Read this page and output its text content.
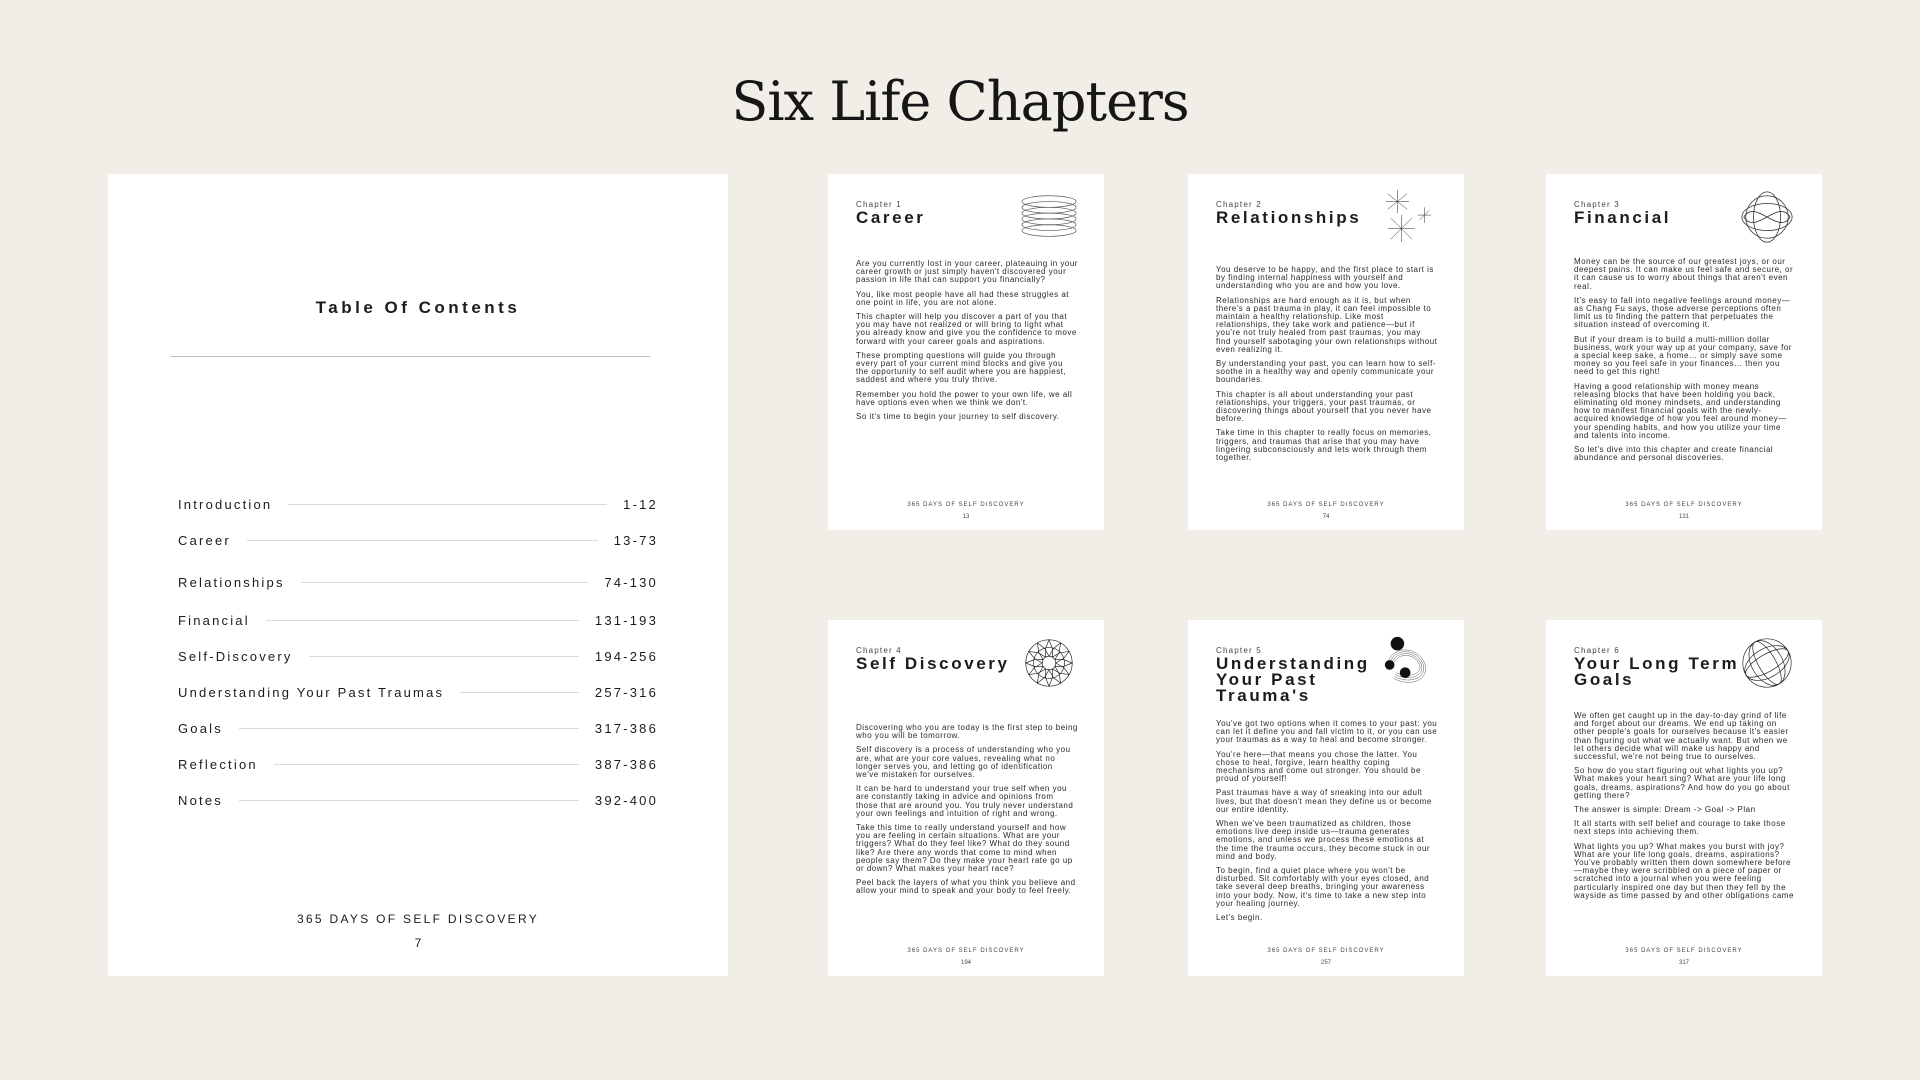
Six Life Chapters
Table Of Contents
Introduction	1-12
Career	13-73
Relationships	74-130
Financial	131-193
Self-Discovery	194-256
Understanding Your Past Traumas	257-316
Goals	317-386
Reflection	387-386
Notes	392-400
365 DAYS OF SELF DISCOVERY
7
Chapter 1
Career

Are you currently lost in your career, plateauing in your career growth or just simply haven't discovered your passion in life that can support you financially?

You, like most people have all had these struggles at one point in life, you are not alone.

This chapter will help you discover a part of you that you may have not realized or will bring to light what you already know and give you the confidence to move forward with your career goals and aspirations.

These prompting questions will guide you through every part of your current mind blocks and give you the opportunity to self audit where you are happiest, saddest and where you truly thrive.

Remember you hold the power to your own life, we all have options even when we think we don't.

So it's time to begin your journey to self discovery.

365 DAYS OF SELF DISCOVERY
13
Chapter 2
Relationships

You deserve to be happy, and the first place to start is by finding internal happiness with yourself and understanding who you are and how you love.

Relationships are hard enough as it is, but when there's a past trauma in play, it can feel impossible to maintain a healthy relationship. Like most relationships, they take work and patience—but if you're not truly healed from past traumas, you may find yourself sabotaging your own relationships without even realizing it.

By understanding your past, you can learn how to self-soothe in a healthy way and openly communicate your boundaries.

This chapter is all about understanding your past relationships, your triggers, your past traumas, or discovering things about yourself that you never have before.

Take time in this chapter to really focus on memories, triggers, and traumas that arise that you may have lingering subconsciously and lets work through them together.

365 DAYS OF SELF DISCOVERY
74
Chapter 3
Financial

Money can be the source of our greatest joys, or our deepest pains. It can make us feel safe and secure, or it can cause us to worry about things that aren't even real.

It's easy to fall into negative feelings around money—as Chang Fu says, those adverse perceptions often limit us to finding the pattern that perpetuates the situation instead of overcoming it.

But if your dream is to build a multi-million dollar business, work your way up at your company, save for a special keep sake, a home… or simply save some money so you feel safe in your finances… then you need to get this right!

Having a good relationship with money means releasing blocks that have been holding you back, eliminating old money mindsets, and understanding how to manifest financial goals with the newly-acquired knowledge of how you feel around money—your spending habits, and how you utilize your time and talents into income.

So let's dive into this chapter and create financial abundance and personal discoveries.

365 DAYS OF SELF DISCOVERY
131
Chapter 4
Self Discovery

Discovering who you are today is the first step to being who you will be tomorrow.

Self discovery is a process of understanding who you are, what are your core values, revealing what no longer serves you, and letting go of identification we've mistaken for ourselves.

It can be hard to understand your true self when you are constantly taking in advice and opinions from those that are around you. You truly never understand your own feelings and intuition of right and wrong.

Take this time to really understand yourself and how you are feeling in certain situations. What are your triggers? What do they feel like? What do they sound like? Are there any words that come to mind when people say them? Do they make your heart rate go up or down? What makes your heart race?

Peel back the layers of what you think you believe and allow your mind to speak and your body to feel freely.

365 DAYS OF SELF DISCOVERY
194
Chapter 5
Understanding Your Past Trauma's

You've got two options when it comes to your past: you can let it define you and fall victim to it, or you can use your traumas as a way to heal and become stronger.

You're here—that means you chose the latter. You chose to heal, forgive, learn healthy coping mechanisms and come out stronger. You should be proud of yourself!

Past traumas have a way of sneaking into our adult lives, but that doesn't mean they define us or become our entire identity.

When we've been traumatized as children, those emotions live deep inside us—trauma generates emotions, and unless we process these emotions at the time the trauma occurs, they become stuck in our mind and body.

To begin, find a quiet place where you won't be disturbed. Sit comfortably with your eyes closed, and take several deep breaths, bringing your awareness into your body. Now, it's time to take a new step into your healing journey.

Let's begin.

365 DAYS OF SELF DISCOVERY
257
Chapter 6
Your Long Term Goals

We often get caught up in the day-to-day grind of life and forget about our dreams. We end up taking on other people's goals for ourselves because it's easier than figuring out what we actually want. But when we let others decide what will make us happy and successful, we're not being true to ourselves.

So how do you start figuring out what lights you up? What makes your heart sing? What are your life long goals, dreams, aspirations? And how do you go about getting there?

The answer is simple: Dream -> Goal -> Plan

It all starts with self belief and courage to take those next steps into achieving them.

What lights you up? What makes you burst with joy? What are your life long goals, dreams, aspirations? You've probably written them down somewhere before—maybe they were scribbled on a piece of paper or scratched into a journal when you were feeling particularly inspired one day but then they fell by the wayside as time passed by and other obligations came

365 DAYS OF SELF DISCOVERY
317
